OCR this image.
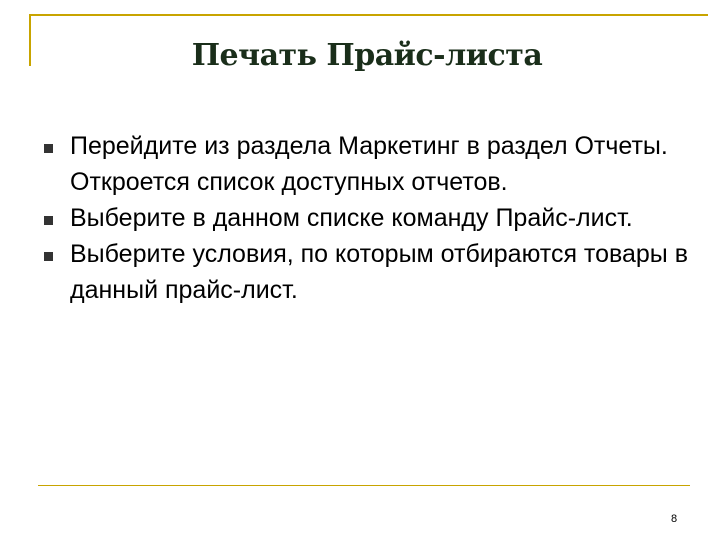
Печать Прайс-листа
Перейдите из раздела Маркетинг в раздел Отчеты. Откроется список доступных отчетов.
Выберите в данном списке команду Прайс-лист.
Выберите условия, по которым отбираются товары в данный прайс-лист.
8
